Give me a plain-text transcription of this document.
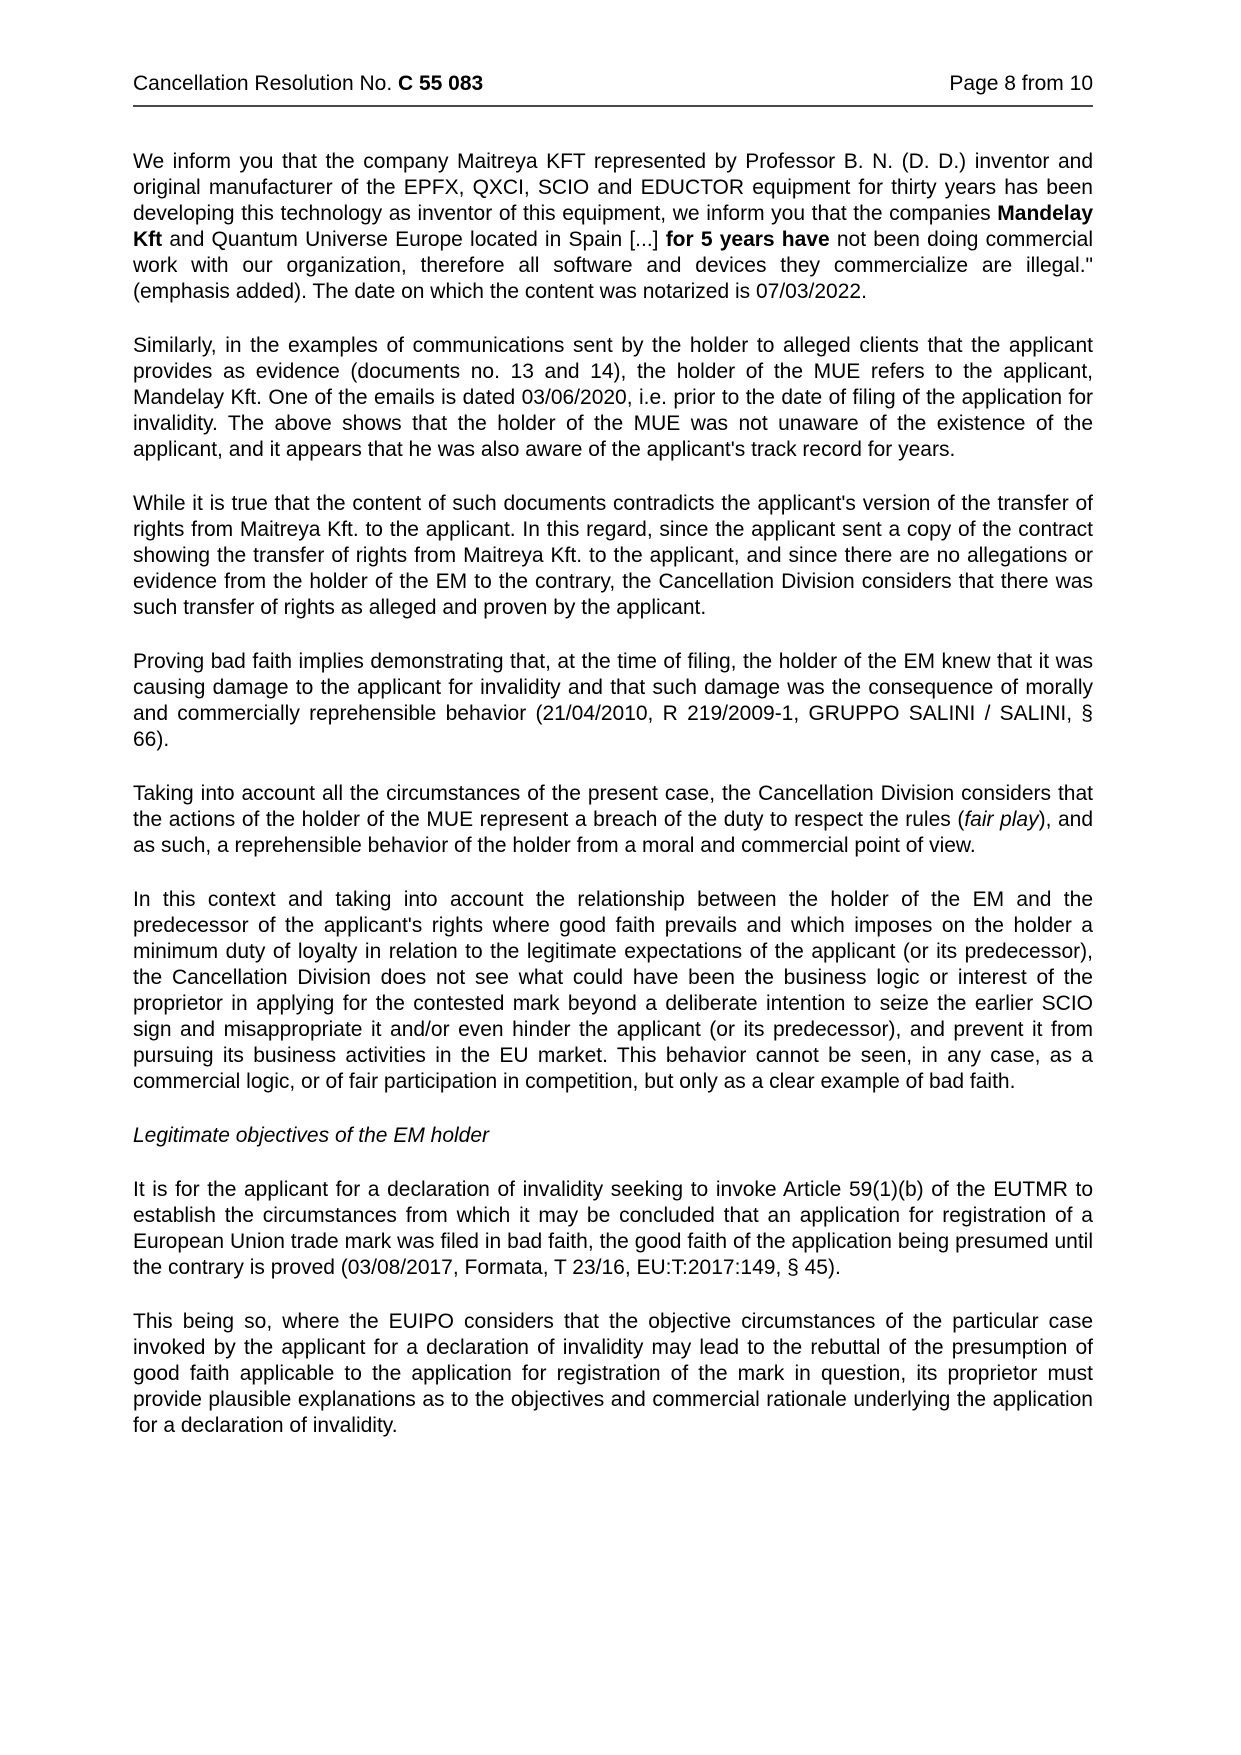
Cancellation Resolution No. C 55 083	Page 8 from 10

We inform you that the company Maitreya KFT represented by Professor B. N. (D. D.) inventor and original manufacturer of the EPFX, QXCI, SCIO and EDUCTOR equipment for thirty years has been developing this technology as inventor of this equipment, we inform you that the companies Mandelay Kft and Quantum Universe Europe located in Spain [...] for 5 years have not been doing commercial work with our organization, therefore all software and devices they commercialize are illegal." (emphasis added). The date on which the content was notarized is 07/03/2022.

Similarly, in the examples of communications sent by the holder to alleged clients that the applicant provides as evidence (documents no. 13 and 14), the holder of the MUE refers to the applicant, Mandelay Kft. One of the emails is dated 03/06/2020, i.e. prior to the date of filing of the application for invalidity. The above shows that the holder of the MUE was not unaware of the existence of the applicant, and it appears that he was also aware of the applicant's track record for years.

While it is true that the content of such documents contradicts the applicant's version of the transfer of rights from Maitreya Kft. to the applicant. In this regard, since the applicant sent a copy of the contract showing the transfer of rights from Maitreya Kft. to the applicant, and since there are no allegations or evidence from the holder of the EM to the contrary, the Cancellation Division considers that there was such transfer of rights as alleged and proven by the applicant.

Proving bad faith implies demonstrating that, at the time of filing, the holder of the EM knew that it was causing damage to the applicant for invalidity and that such damage was the consequence of morally and commercially reprehensible behavior (21/04/2010, R 219/2009-1, GRUPPO SALINI / SALINI, § 66).

Taking into account all the circumstances of the present case, the Cancellation Division considers that the actions of the holder of the MUE represent a breach of the duty to respect the rules (fair play), and as such, a reprehensible behavior of the holder from a moral and commercial point of view.

In this context and taking into account the relationship between the holder of the EM and the predecessor of the applicant's rights where good faith prevails and which imposes on the holder a minimum duty of loyalty in relation to the legitimate expectations of the applicant (or its predecessor), the Cancellation Division does not see what could have been the business logic or interest of the proprietor in applying for the contested mark beyond a deliberate intention to seize the earlier SCIO sign and misappropriate it and/or even hinder the applicant (or its predecessor), and prevent it from pursuing its business activities in the EU market. This behavior cannot be seen, in any case, as a commercial logic, or of fair participation in competition, but only as a clear example of bad faith.

Legitimate objectives of the EM holder

It is for the applicant for a declaration of invalidity seeking to invoke Article 59(1)(b) of the EUTMR to establish the circumstances from which it may be concluded that an application for registration of a European Union trade mark was filed in bad faith, the good faith of the application being presumed until the contrary is proved (03/08/2017, Formata, T 23/16, EU:T:2017:149, § 45).

This being so, where the EUIPO considers that the objective circumstances of the particular case invoked by the applicant for a declaration of invalidity may lead to the rebuttal of the presumption of good faith applicable to the application for registration of the mark in question, its proprietor must provide plausible explanations as to the objectives and commercial rationale underlying the application for a declaration of invalidity.
